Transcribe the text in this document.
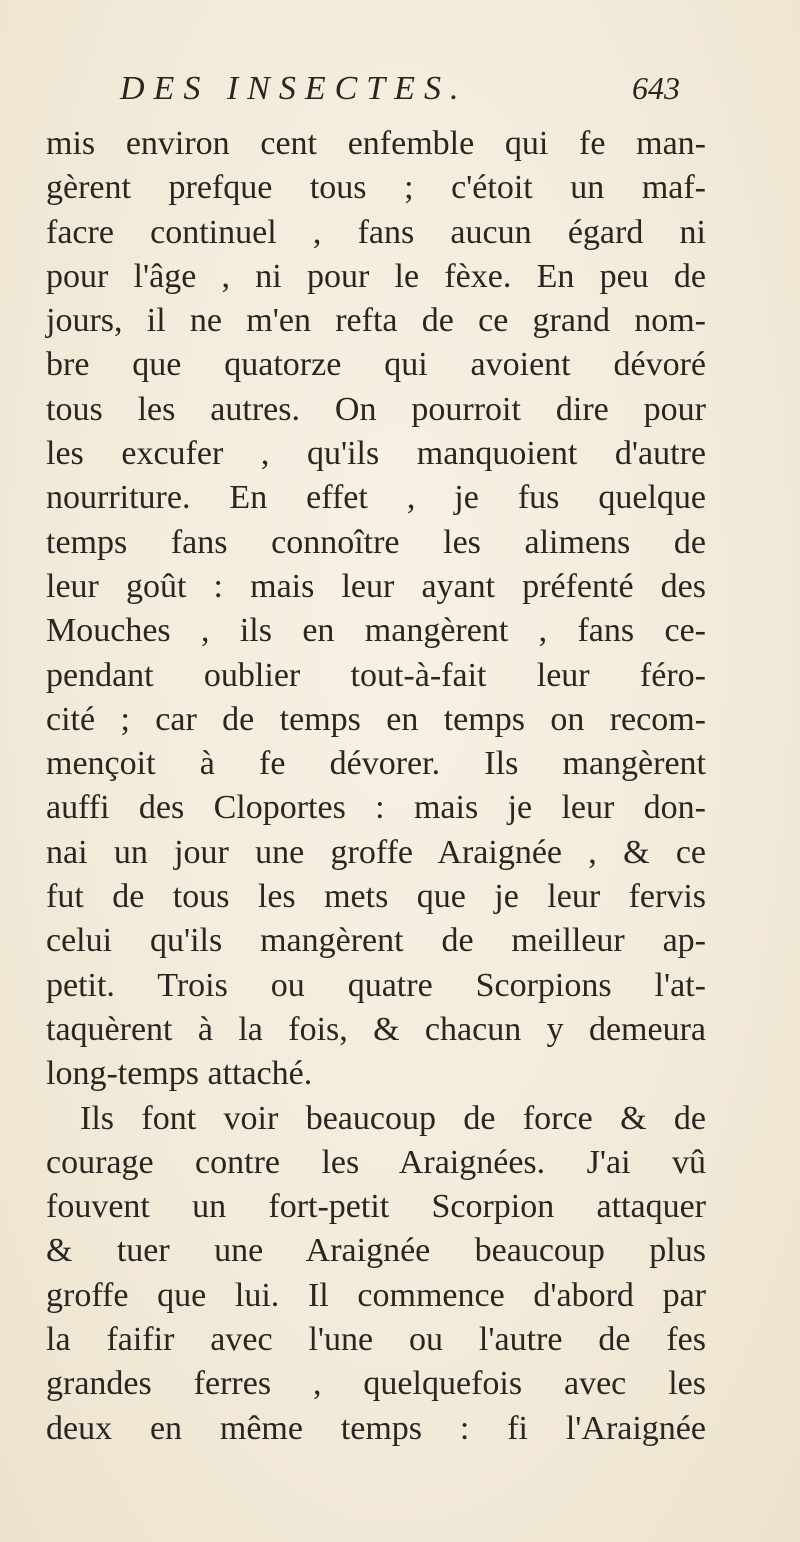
DES INSECTES.	643
mis environ cent enfemble qui fe man-
gèrent prefque tous ; c'étoit un maf-
facre continuel , fans aucun égard ni
pour l'âge , ni pour le fèxe. En peu de
jours, il ne m'en refta de ce grand nom-
bre que quatorze qui avoient dévoré
tous les autres. On pourroit dire pour
les excufer , qu'ils manquoient d'autre
nourriture. En effet , je fus quelque
temps fans connoître les alimens de
leur goût : mais leur ayant préfenté des
Mouches , ils en mangèrent , fans ce-
pendant oublier tout-à-fait leur féro-
cité ; car de temps en temps on recom-
mençoit à fe dévorer. Ils mangèrent
auffi des Cloportes : mais je leur don-
nai un jour une groffe Araignée , & ce
fut de tous les mets que je leur fervis
celui qu'ils mangèrent de meilleur ap-
petit. Trois ou quatre Scorpions l'at-
taquèrent à la fois, & chacun y demeura
long-temps attaché.
Ils font voir beaucoup de force & de
courage contre les Araignées. J'ai vû
fouvent un fort-petit Scorpion attaquer
& tuer une Araignée beaucoup plus
groffe que lui. Il commence d'abord par
la faifir avec l'une ou l'autre de fes
grandes ferres , quelquefois avec les
deux en même temps : fi l'Araignée
